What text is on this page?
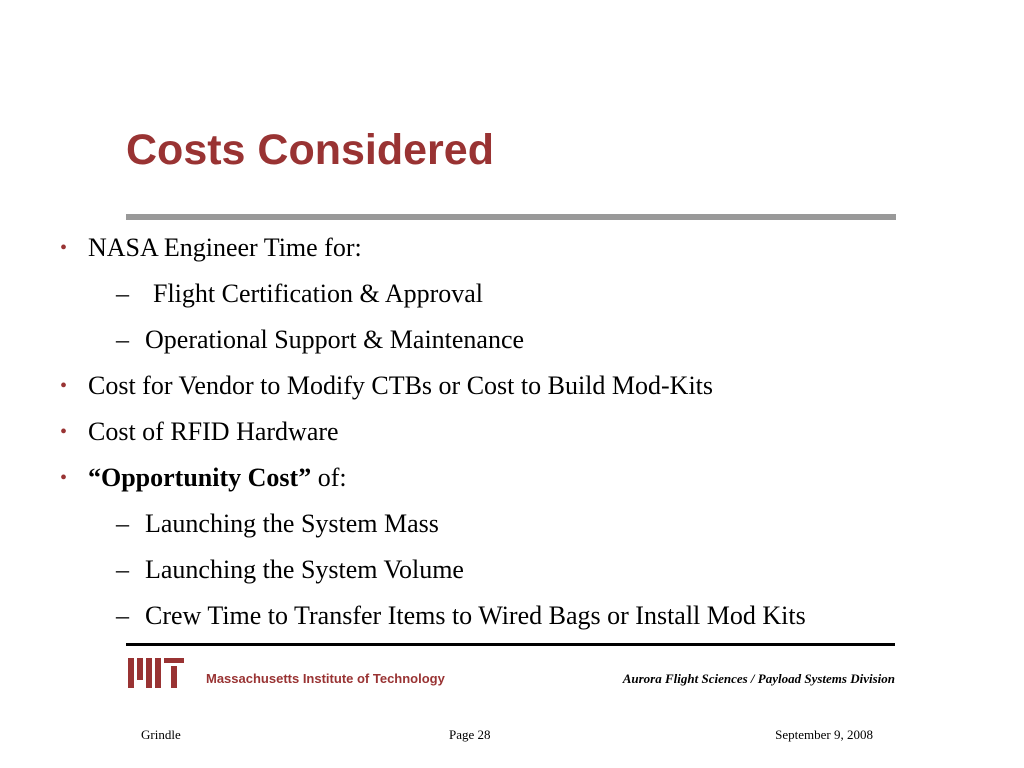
Costs Considered
• NASA Engineer Time for:
– Flight Certification & Approval
– Operational Support & Maintenance
• Cost for Vendor to Modify CTBs or Cost to Build Mod-Kits
• Cost of RFID Hardware
• “Opportunity Cost” of:
– Launching the System Mass
– Launching the System Volume
– Crew Time to Transfer Items to Wired Bags or Install Mod Kits
Massachusetts Institute of Technology	Aurora Flight Sciences / Payload Systems Division
Grindle	Page 28	September 9, 2008
